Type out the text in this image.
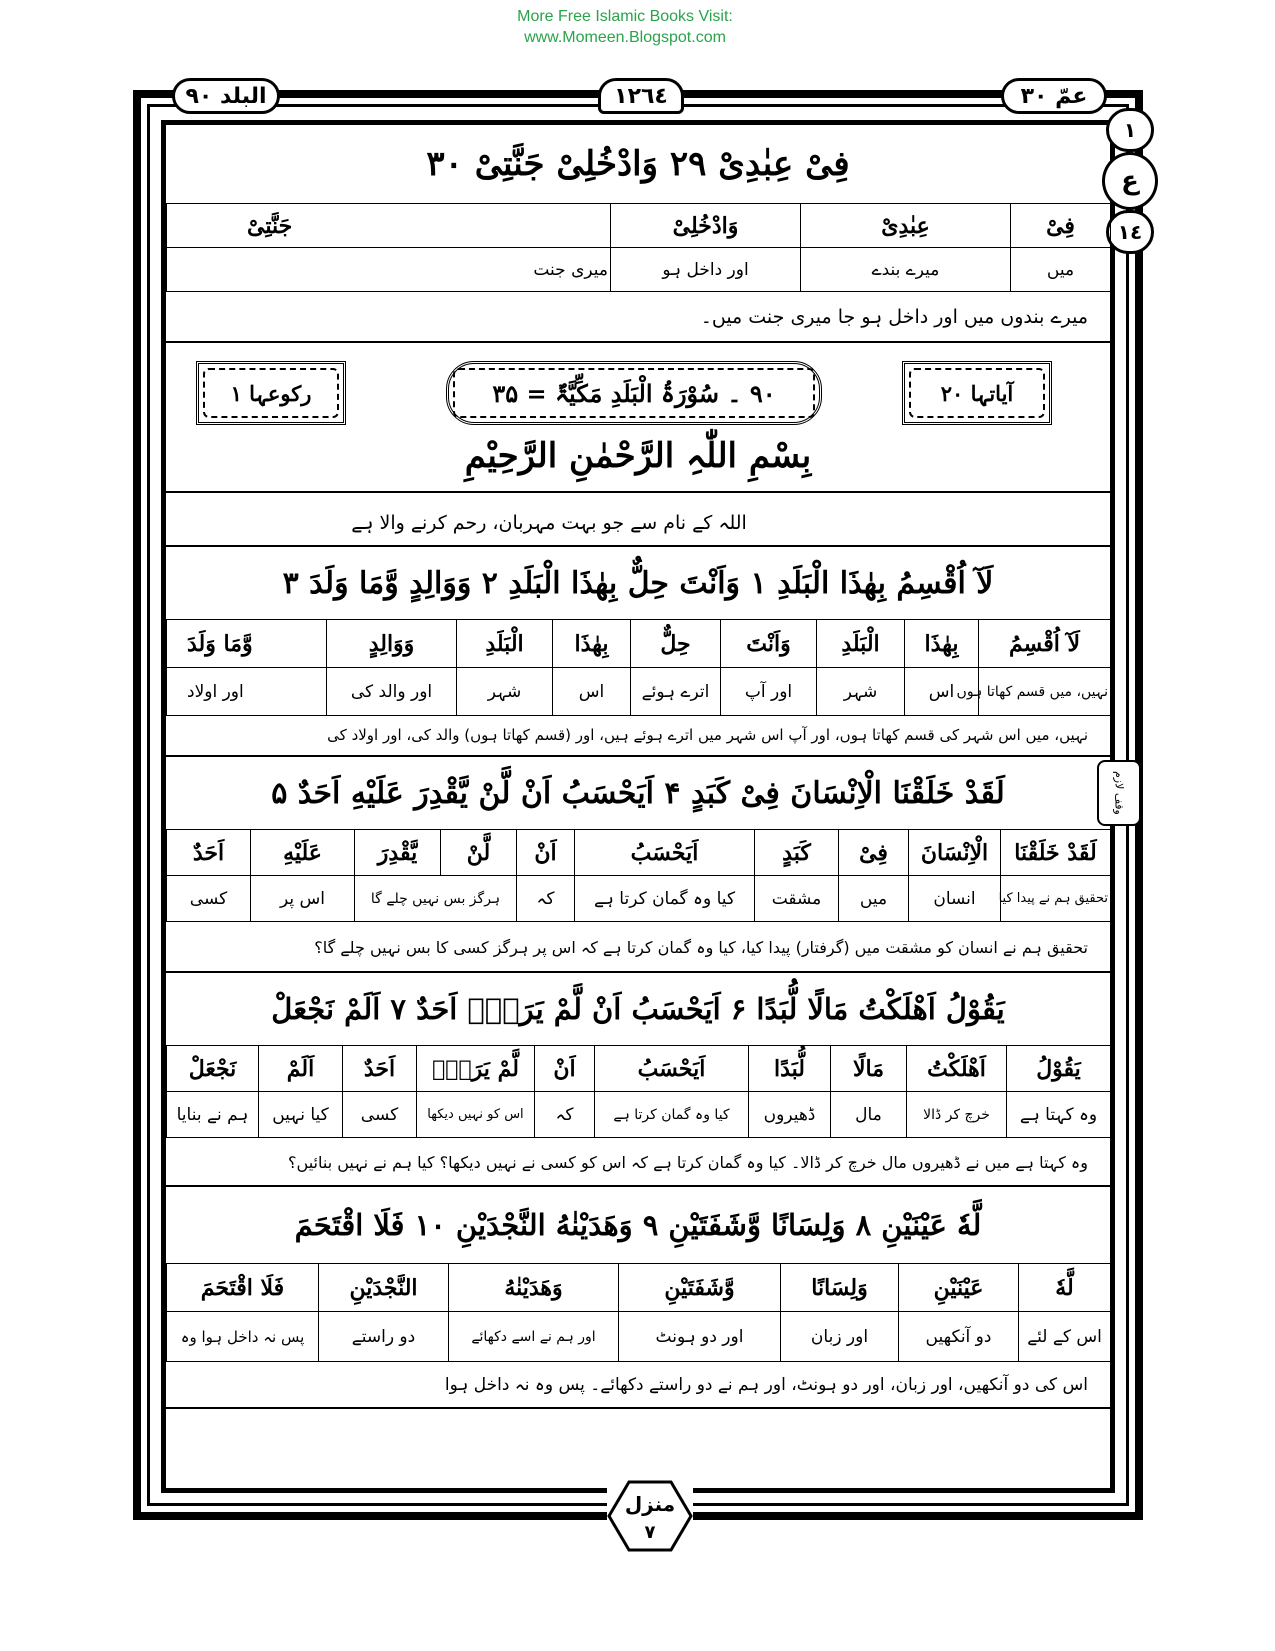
More Free Islamic Books Visit:
www.Momeen.Blogspot.com
البلد ٩٠	١٢٦٤	عمّ ٣٠
١
ع
١٤
وقف لازم
فِیْ عِبٰدِیْ ۲۹ وَادْخُلِیْ جَنَّتِیْ ۳۰
فِیْ	عِبٰدِیْ	وَادْخُلِیْ	جَنَّتِیْ
میں	میرے بندے	اور داخل ہو	میری جنت
میرے بندوں میں اور داخل ہو جا میری جنت میں۔
آیاتہا ۲۰
۹۰ ۔ سُوْرَۃُ الْبَلَدِ مَکِّیَّۃٌ = ۳۵
رکوعہا ۱
بِسْمِ اللّٰہِ الرَّحْمٰنِ الرَّحِیْمِ
اللہ کے نام سے جو بہت مہربان، رحم کرنے والا ہے
لَآ اُقْسِمُ بِھٰذَا الْبَلَدِ ۱ وَاَنْتَ حِلٌّ بِھٰذَا الْبَلَدِ ۲ وَوَالِدٍ وَّمَا وَلَدَ ۳
لَآ اُقْسِمُ	بِھٰذَا	الْبَلَدِ	وَاَنْتَ	حِلٌّ	بِھٰذَا	الْبَلَدِ	وَوَالِدٍ	وَّمَا وَلَدَ
نہیں، میں قسم کھاتا ہوں	اس	شہر	اور آپ	اترے ہوئے	اس	شہر	اور والد کی	اور اولاد
نہیں، میں اس شہر کی قسم کھاتا ہوں، اور آپ اس شہر میں اترے ہوئے ہیں، اور (قسم کھاتا ہوں) والد کی، اور اولاد کی
لَقَدْ خَلَقْنَا الْاِنْسَانَ فِیْ کَبَدٍ ۴ اَیَحْسَبُ اَنْ لَّنْ یَّقْدِرَ عَلَیْهِ اَحَدٌ ۵
لَقَدْ خَلَقْنَا	الْاِنْسَانَ	فِیْ	کَبَدٍ	اَیَحْسَبُ	اَنْ	لَّنْ	یَّقْدِرَ	عَلَیْهِ	اَحَدٌ
تحقیق ہم نے پیدا کیا	انسان	میں	مشقت	کیا وہ گمان کرتا ہے	کہ	ہرگز بس نہیں چلے گا		اس پر	کسی
تحقیق ہم نے انسان کو مشقت میں (گرفتار) پیدا کیا، کیا وہ گمان کرتا ہے کہ اس پر ہرگز کسی کا بس نہیں چلے گا؟
یَقُوْلُ اَھْلَکْتُ مَالًا لُّبَدًا ۶ اَیَحْسَبُ اَنْ لَّمْ یَرَهٗۤ اَحَدٌ ۷ اَلَمْ نَجْعَلْ
یَقُوْلُ	اَھْلَکْتُ	مَالًا	لُّبَدًا	اَیَحْسَبُ	اَنْ	لَّمْ یَرَهٗۤ	اَحَدٌ	اَلَمْ	نَجْعَلْ
وہ کہتا ہے	خرچ کر ڈالا	مال	ڈھیروں	کیا وہ گمان کرتا ہے	کہ	اس کو نہیں دیکھا	کسی	کیا نہیں	ہم نے بنایا
وہ کہتا ہے میں نے ڈھیروں مال خرچ کر ڈالا۔ کیا وہ گمان کرتا ہے کہ اس کو کسی نے نہیں دیکھا؟ کیا ہم نے نہیں بنائیں؟
لَّهٗ عَیْنَیْنِ ۸ وَلِسَانًا وَّشَفَتَیْنِ ۹ وَهَدَیْنٰهُ النَّجْدَیْنِ ۱۰ فَلَا اقْتَحَمَ
لَّهٗ	عَیْنَیْنِ	وَلِسَانًا	وَّشَفَتَیْنِ	وَهَدَیْنٰهُ	النَّجْدَیْنِ	فَلَا اقْتَحَمَ
اس کے لئے	دو آنکھیں	اور زبان	اور دو ہونٹ	اور ہم نے اسے دکھائے	دو راستے	پس نہ داخل ہوا وہ
اس کی دو آنکھیں، اور زبان، اور دو ہونٹ، اور ہم نے دو راستے دکھائے۔ پس وہ نہ داخل ہوا
منزل
۷
